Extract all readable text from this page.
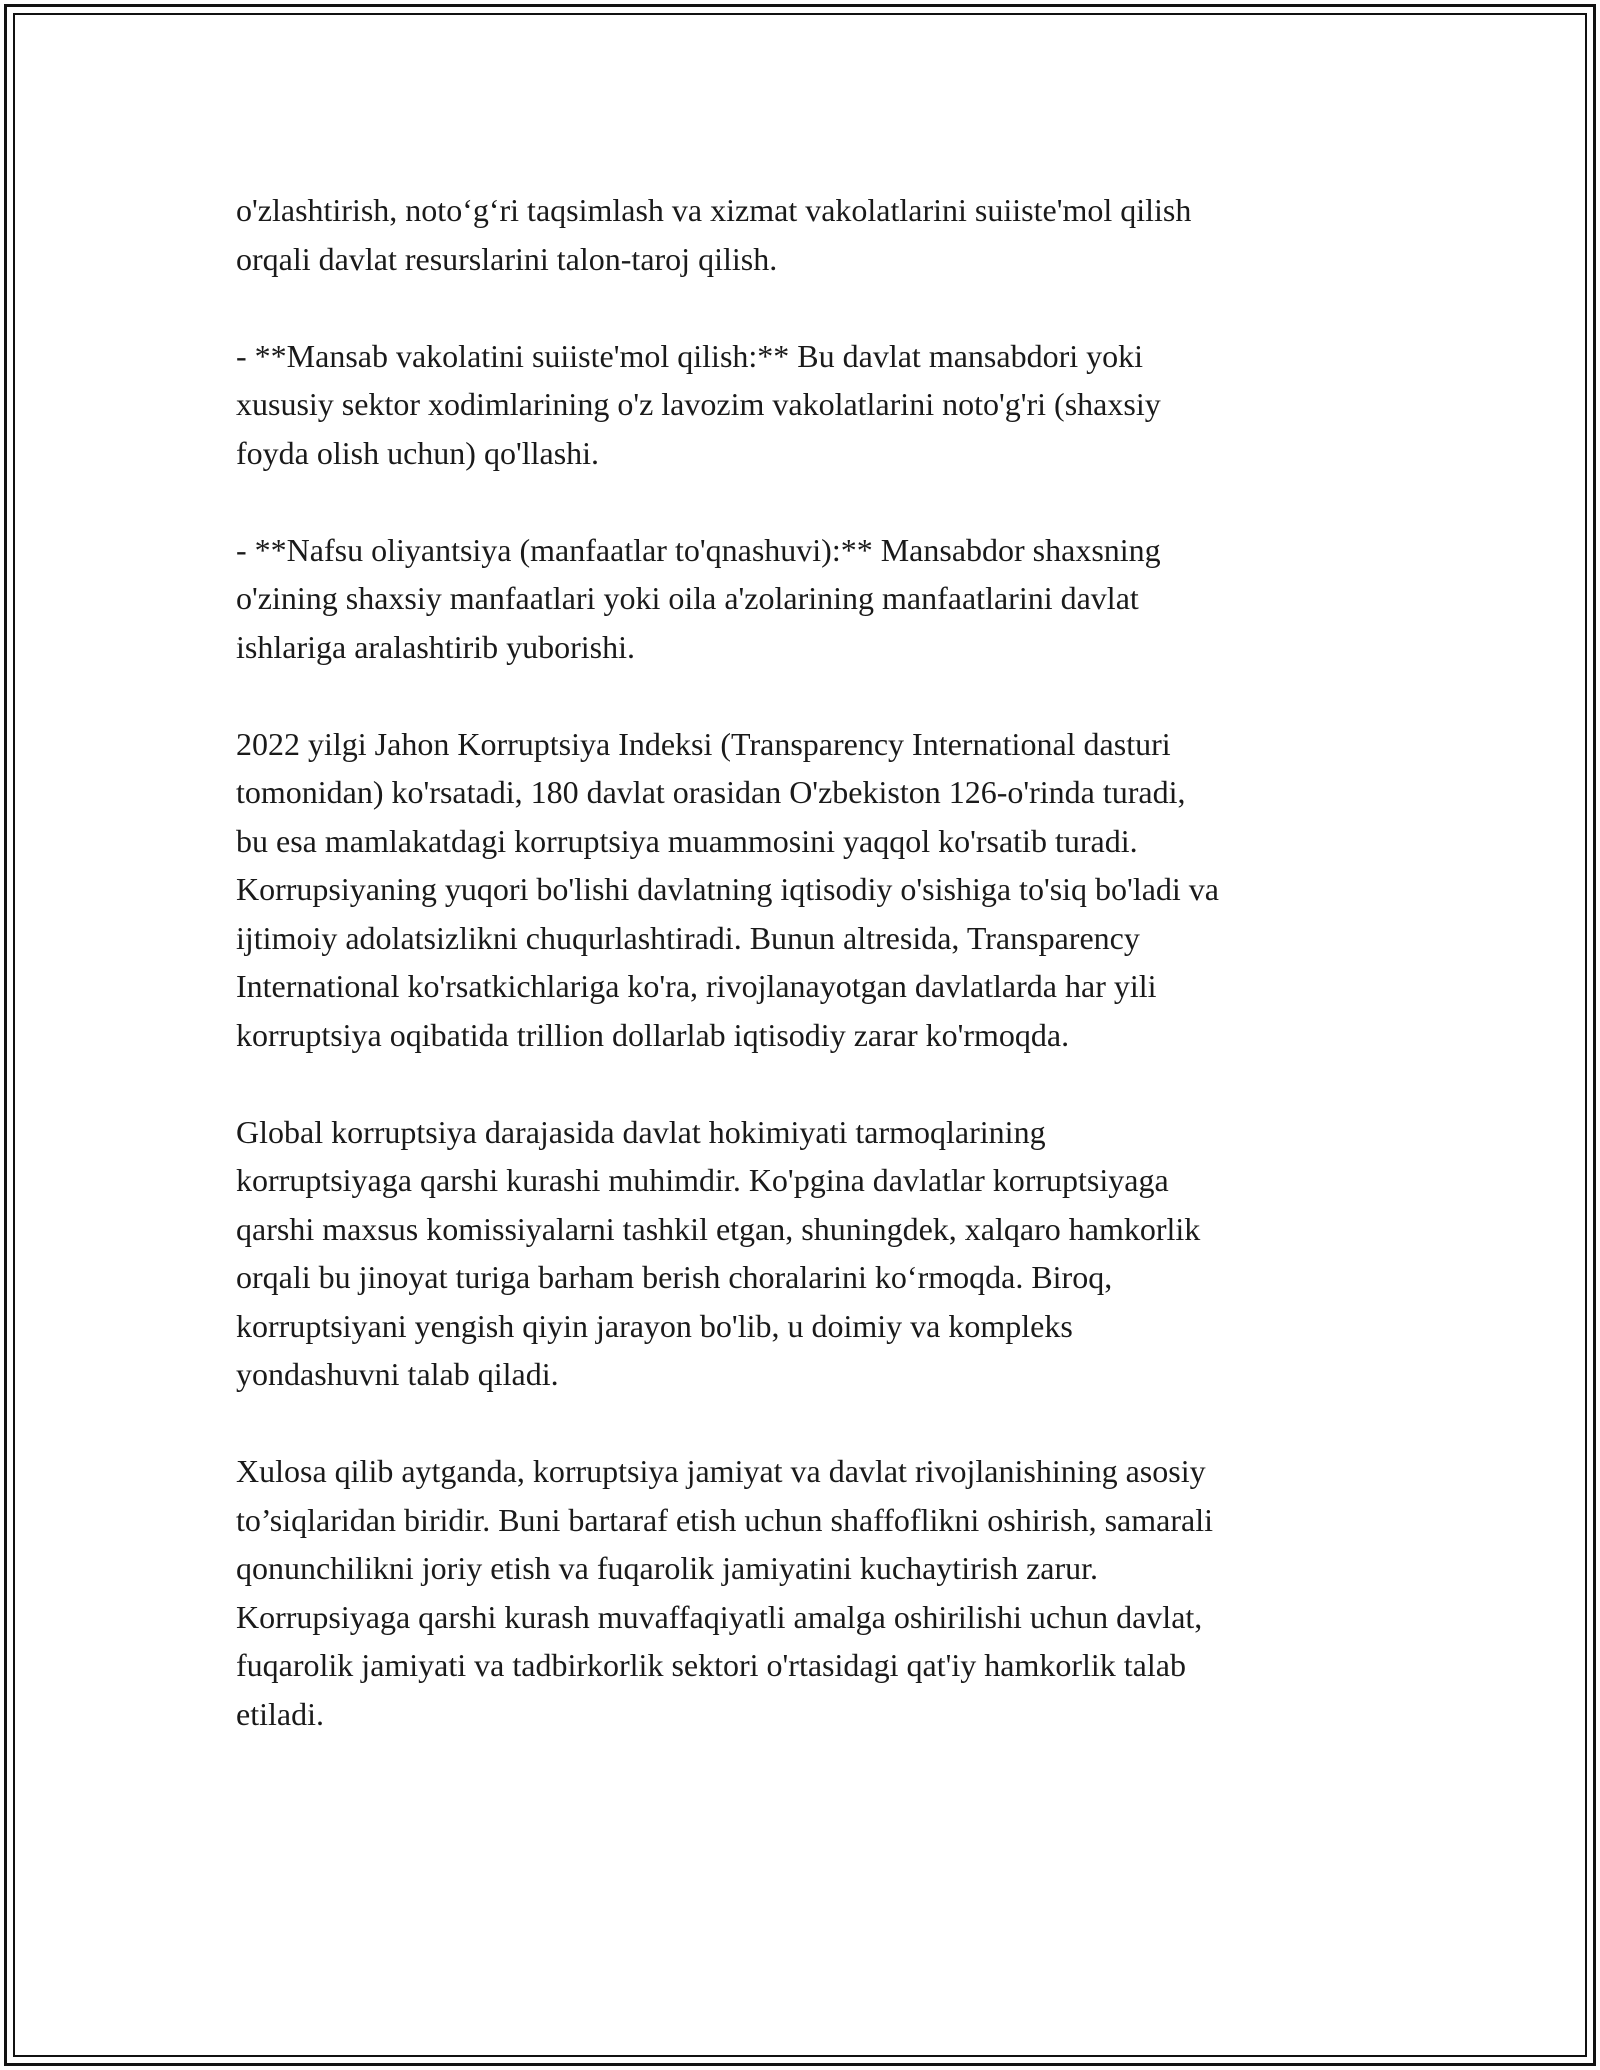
o'zlashtirish, noto‘g‘ri taqsimlash va xizmat vakolatlarini suiiste'mol qilish
orqali davlat resurslarini talon-taroj qilish.

- **Mansab vakolatini suiiste'mol qilish:** Bu davlat mansabdori yoki
xususiy sektor xodimlarining o'z lavozim vakolatlarini noto'g'ri (shaxsiy
foyda olish uchun) qo'llashi.

- **Nafsu oliyantsiya (manfaatlar to'qnashuvi):** Mansabdor shaxsning
o'zining shaxsiy manfaatlari yoki oila a'zolarining manfaatlarini davlat
ishlariga aralashtirib yuborishi.

2022 yilgi Jahon Korruptsiya Indeksi (Transparency International dasturi
tomonidan) ko'rsatadi, 180 davlat orasidan O'zbekiston 126-o'rinda turadi,
bu esa mamlakatdagi korruptsiya muammosini yaqqol ko'rsatib turadi.
Korrupsiyaning yuqori bo'lishi davlatning iqtisodiy o'sishiga to'siq bo'ladi va
ijtimoiy adolatsizlikni chuqurlashtiradi. Bunun altresida, Transparency
International ko'rsatkichlariga ko'ra, rivojlanayotgan davlatlarda har yili
korruptsiya oqibatida trillion dollarlab iqtisodiy zarar ko'rmoqda.

Global korruptsiya darajasida davlat hokimiyati tarmoqlarining
korruptsiyaga qarshi kurashi muhimdir. Ko'pgina davlatlar korruptsiyaga
qarshi maxsus komissiyalarni tashkil etgan, shuningdek, xalqaro hamkorlik
orqali bu jinoyat turiga barham berish choralarini ko‘rmoqda. Biroq,
korruptsiyani yengish qiyin jarayon bo'lib, u doimiy va kompleks
yondashuvni talab qiladi.

Xulosa qilib aytganda, korruptsiya jamiyat va davlat rivojlanishining asosiy
to’siqlaridan biridir. Buni bartaraf etish uchun shaffoflikni oshirish, samarali
qonunchilikni joriy etish va fuqarolik jamiyatini kuchaytirish zarur.
Korrupsiyaga qarshi kurash muvaffaqiyatli amalga oshirilishi uchun davlat,
fuqarolik jamiyati va tadbirkorlik sektori o'rtasidagi qat'iy hamkorlik talab
etiladi.
